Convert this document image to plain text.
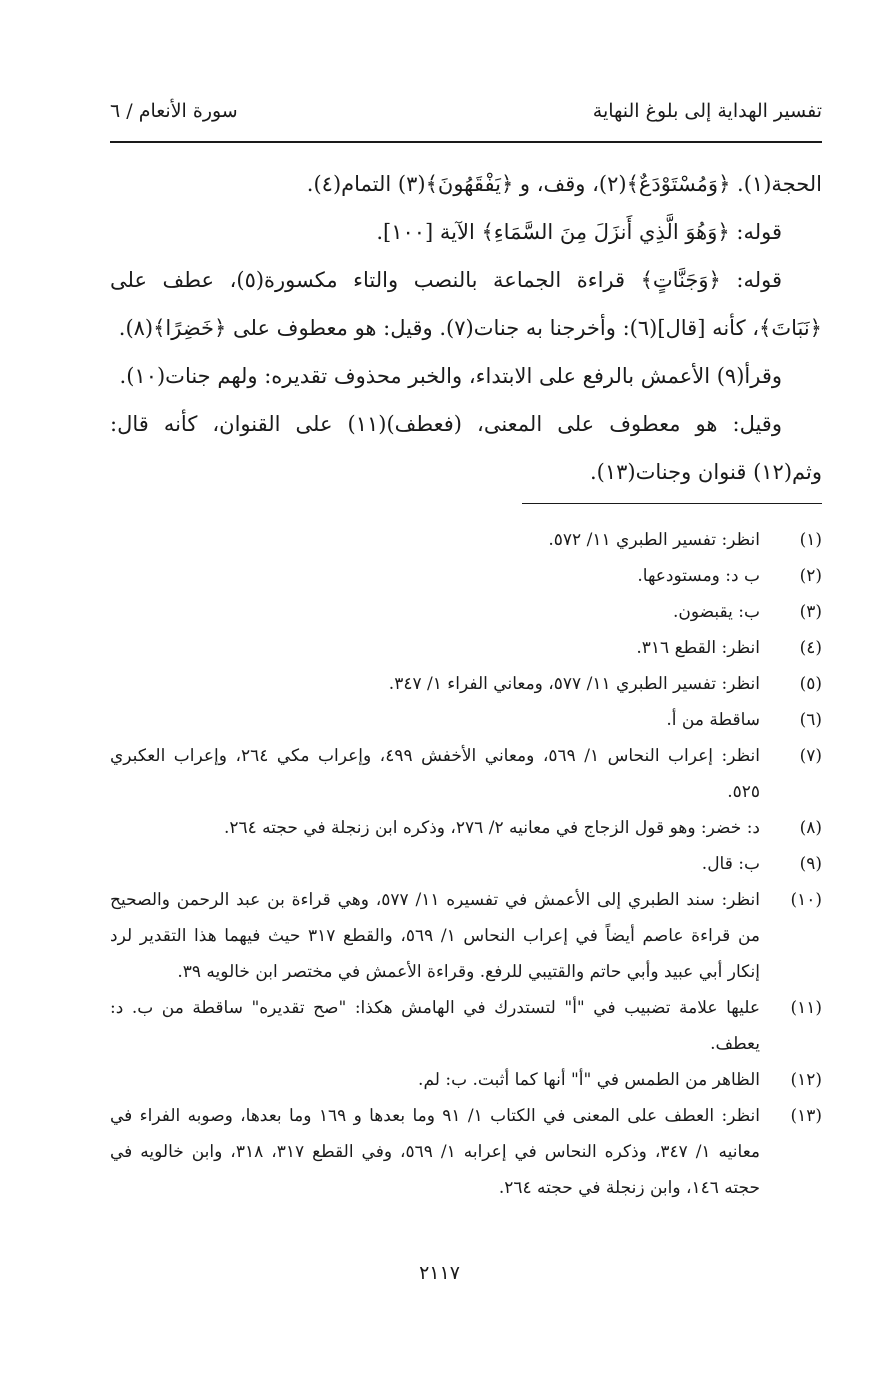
تفسير الهداية إلى بلوغ النهاية
سورة الأنعام / ٦

الحجة(١). ﴿وَمُسْتَوْدَعٌ﴾(٢)، وقف، و ﴿يَفْقَهُونَ﴾(٣) التمام(٤).

قوله: ﴿وَهُوَ الَّذِي أَنزَلَ مِنَ السَّمَاءِ﴾ الآية [١٠٠].

قوله: ﴿وَجَنَّاتٍ﴾ قراءة الجماعة بالنصب والتاء مكسورة(٥)، عطف على ﴿نَبَاتَ﴾، كأنه [قال](٦): وأخرجنا به جنات(٧). وقيل: هو معطوف على ﴿خَضِرًا﴾(٨).

وقرأ(٩) الأعمش بالرفع على الابتداء، والخبر محذوف تقديره: ولهم جنات(١٠).

وقيل: هو معطوف على المعنى، (فعطف)(١١) على القنوان، كأنه قال: وثم(١٢) قنوان وجنات(١٣).

(١)
انظر: تفسير الطبري ١١/ ٥٧٢.
(٢)
ب د: ومستودعها.
(٣)
ب: يقبضون.
(٤)
انظر: القطع ٣١٦.
(٥)
انظر: تفسير الطبري ١١/ ٥٧٧، ومعاني الفراء ١/ ٣٤٧.
(٦)
ساقطة من أ.
(٧)
انظر: إعراب النحاس ١/ ٥٦٩، ومعاني الأخفش ٤٩٩، وإعراب مكي ٢٦٤، وإعراب العكبري ٥٢٥.
(٨)
د: خضر: وهو قول الزجاج في معانيه ٢/ ٢٧٦، وذكره ابن زنجلة في حجته ٢٦٤.
(٩)
ب: قال.
(١٠)
انظر: سند الطبري إلى الأعمش في تفسيره ١١/ ٥٧٧، وهي قراءة بن عبد الرحمن والصحيح من قراءة عاصم أيضاً في إعراب النحاس ١/ ٥٦٩، والقطع ٣١٧ حيث فيهما هذا التقدير لرد إنكار أبي عبيد وأبي حاتم والقتيبي للرفع. وقراءة الأعمش في مختصر ابن خالويه ٣٩.
(١١)
عليها علامة تضبيب في "أ" لتستدرك في الهامش هكذا: "صح تقديره" ساقطة من ب. د: يعطف.
(١٢)
الظاهر من الطمس في "أ" أنها كما أثبت. ب: لم.
(١٣)
انظر: العطف على المعنى في الكتاب ١/ ٩١ وما بعدها و ١٦٩ وما بعدها، وصوبه الفراء في معانيه ١/ ٣٤٧، وذكره النحاس في إعرابه ١/ ٥٦٩، وفي القطع ٣١٧، ٣١٨، وابن خالويه في حجته ١٤٦، وابن زنجلة في حجته ٢٦٤.
٢١١٧
